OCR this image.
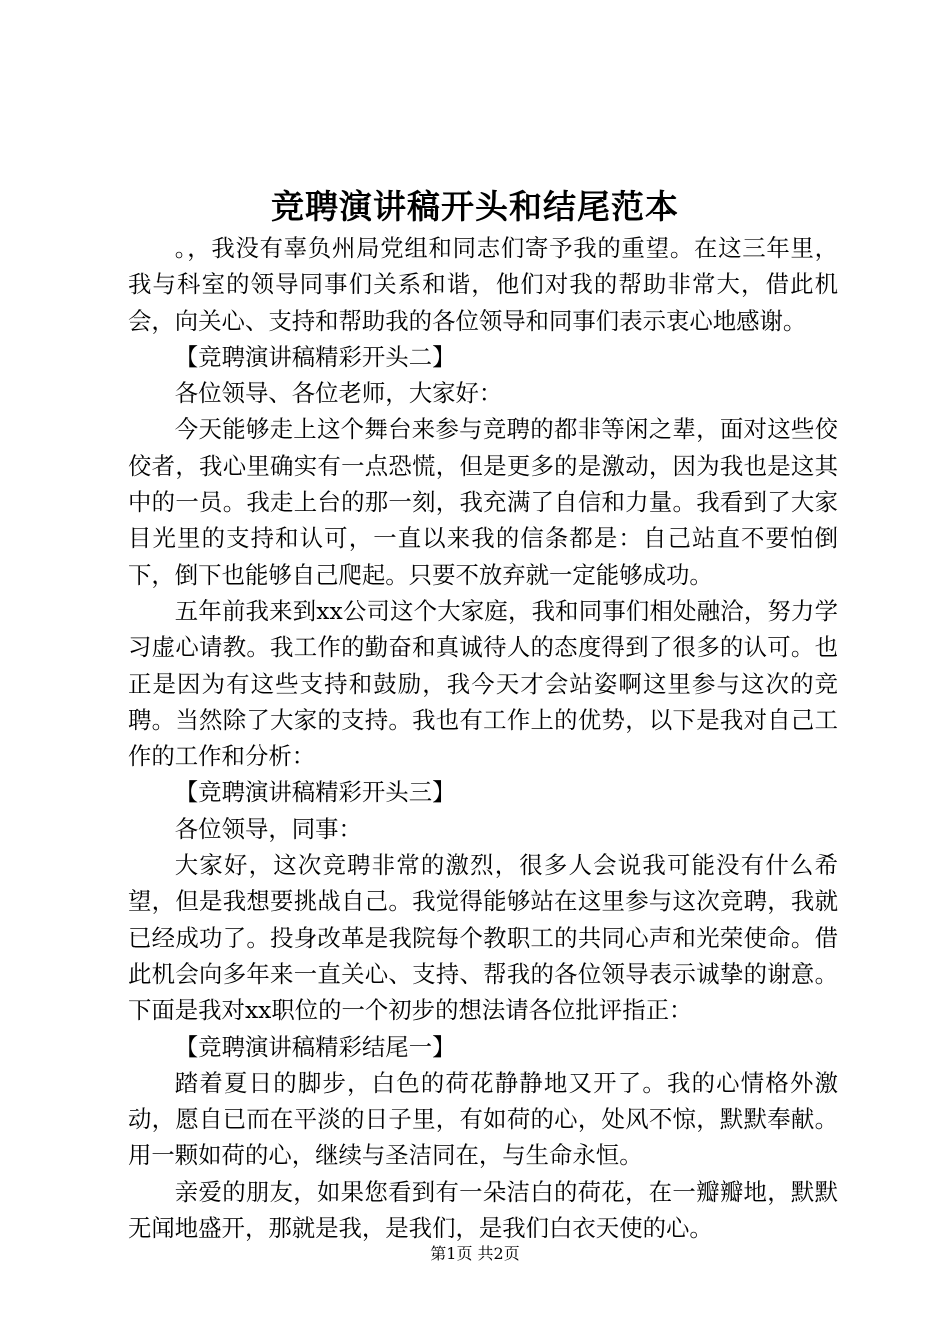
竞聘演讲稿开头和结尾范本

。，我没有辜负州局党组和同志们寄予我的重望。在这三年里，我与科室的领导同事们关系和谐，他们对我的帮助非常大，借此机会，向关心、支持和帮助我的各位领导和同事们表示衷心地感谢。

【竞聘演讲稿精彩开头二】

各位领导、各位老师，大家好：

今天能够走上这个舞台来参与竞聘的都非等闲之辈，面对这些佼佼者，我心里确实有一点恐慌，但是更多的是激动，因为我也是这其中的一员。我走上台的那一刻，我充满了自信和力量。我看到了大家目光里的支持和认可，一直以来我的信条都是：自己站直不要怕倒下，倒下也能够自己爬起。只要不放弃就一定能够成功。

五年前我来到xx公司这个大家庭，我和同事们相处融洽，努力学习虚心请教。我工作的勤奋和真诚待人的态度得到了很多的认可。也正是因为有这些支持和鼓励，我今天才会站姿啊这里参与这次的竞聘。当然除了大家的支持。我也有工作上的优势，以下是我对自己工作的工作和分析：

【竞聘演讲稿精彩开头三】

各位领导，同事：

大家好，这次竞聘非常的激烈，很多人会说我可能没有什么希望，但是我想要挑战自己。我觉得能够站在这里参与这次竞聘，我就已经成功了。投身改革是我院每个教职工的共同心声和光荣使命。借此机会向多年来一直关心、支持、帮我的各位领导表示诚挚的谢意。下面是我对xx职位的一个初步的想法请各位批评指正：

【竞聘演讲稿精彩结尾一】

踏着夏日的脚步，白色的荷花静静地又开了。我的心情格外激动，愿自已而在平淡的日子里，有如荷的心，处风不惊，默默奉献。用一颗如荷的心，继续与圣洁同在，与生命永恒。

亲爱的朋友，如果您看到有一朵洁白的荷花，在一瓣瓣地，默默无闻地盛开，那就是我，是我们，是我们白衣天使的心。

第1页 共2页
